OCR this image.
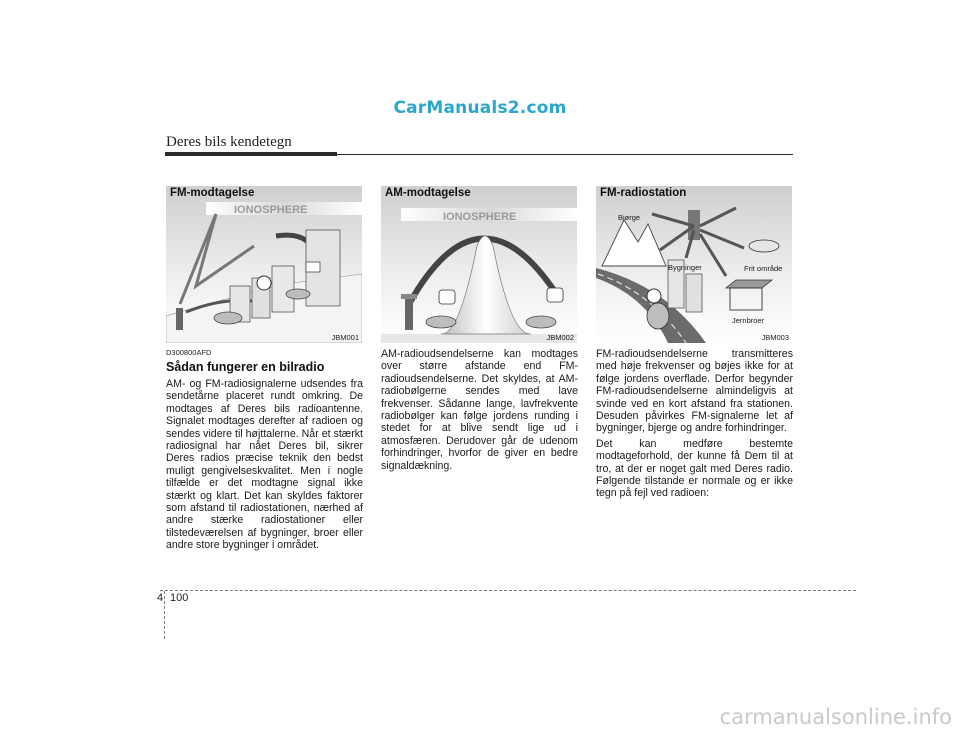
CarManuals2.com
Deres bils kendetegn
IONOSPHERE
FM-modtagelse
JBM001
IONOSPHERE
AM-modtagelse
JBM002
FM-radiostation
Bjørge
Bygninger	Frit område
Jernbroer
JBM003
D300800AFD
Sådan fungerer en bilradio

AM- og FM-radiosignalerne udsendes fra sendetårne placeret rundt omkring. De modtages af Deres bils radioantenne. Signalet modtages derefter af radioen og sendes videre til højttalerne. Når et stærkt radiosignal har nået Deres bil, sikrer Deres radios præcise teknik den bedst muligt gengivelseskvalitet. Men i nogle tilfælde er det modtagne signal ikke stærkt og klart. Det kan skyldes faktorer som afstand til radiostationen, nærhed af andre stærke radiostationer eller tilstedeværelsen af bygninger, broer eller andre store bygninger i området.

AM-radioudsendelserne kan modtages over større afstande end FM-radioudsendelserne. Det skyldes, at AM-radiobølgerne sendes med lave frekvenser. Sådanne lange, lavfrekvente radiobølger kan følge jordens runding i stedet for at blive sendt lige ud i atmosfæren. Derudover går de udenom forhindringer, hvorfor de giver en bedre signaldækning.

FM-radioudsendelserne transmitteres med høje frekvenser og bøjes ikke for at følge jordens overflade. Derfor begynder FM-radioudsendelserne almindeligvis at svinde ved en kort afstand fra stationen. Desuden påvirkes FM-signalerne let af bygninger, bjerge og andre forhindringer.

Det kan medføre bestemte modtageforhold, der kunne få Dem til at tro, at der er noget galt med Deres radio. Følgende tilstande er normale og er ikke tegn på fejl ved radioen:

4 100
carmanualsonline.info
